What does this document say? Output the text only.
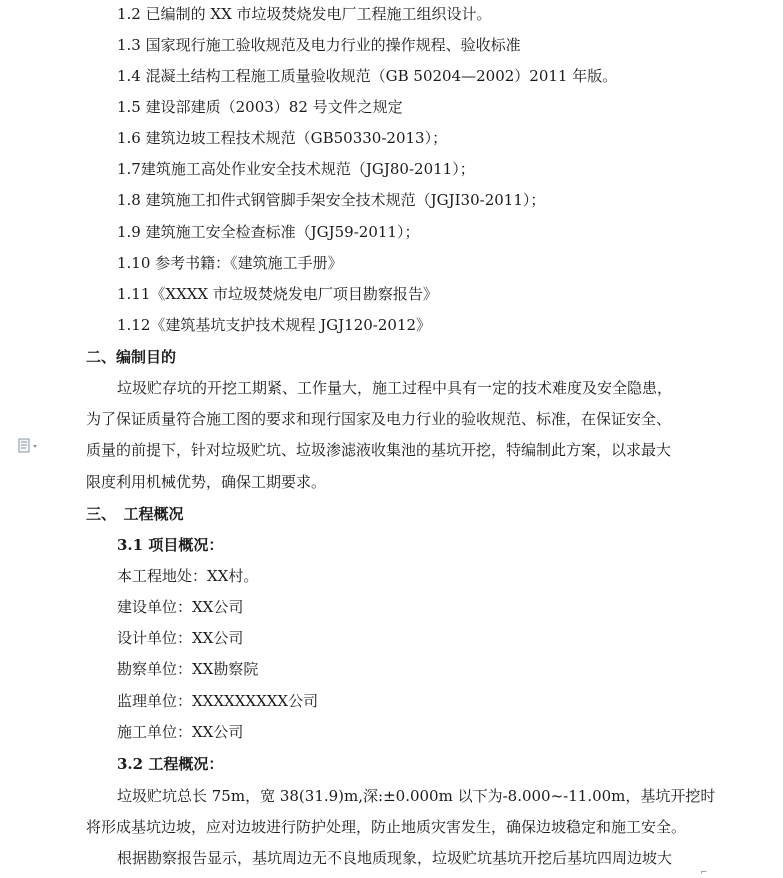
1.2 已编制的 XX 市垃圾焚烧发电厂工程施工组织设计。
1.3 国家现行施工验收规范及电力行业的操作规程、验收标准
1.4 混凝土结构工程施工质量验收规范（GB 50204—2002）2011 年版。
1.5 建设部建质（2003）82 号文件之规定
1.6 建筑边坡工程技术规范（GB50330-2013）；
1.7建筑施工高处作业安全技术规范（JGJ80-2011）；
1.8 建筑施工扣件式钢管脚手架安全技术规范（JGJI30-2011）；
1.9 建筑施工安全检查标准（JGJ59-2011）；
1.10 参考书籍：《建筑施工手册》
1.11《XXXX 市垃圾焚烧发电厂项目勘察报告》
1.12《建筑基坑支护技术规程 JGJ120-2012》
二、编制目的
垃圾贮存坑的开挖工期紧、工作量大，施工过程中具有一定的技术难度及安全隐患，
为了保证质量符合施工图的要求和现行国家及电力行业的验收规范、标准，在保证安全、
质量的前提下，针对垃圾贮坑、垃圾渗滤液收集池的基坑开挖，特编制此方案，以求最大
限度利用机械优势，确保工期要求。
三、　工程概况
3.1 项目概况：
本工程地处：XX村。
建设单位：XX公司
设计单位：XX公司
勘察单位：XX勘察院
监理单位：XXXXXXXXX公司
施工单位：XX公司
3.2 工程概况：
垃圾贮坑总长 75m，宽 38(31.9)m,深:±0.000m 以下为-8.000~-11.00m，基坑开挖时
将形成基坑边坡，应对边坡进行防护处理，防止地质灾害发生，确保边坡稳定和施工安全。
根据勘察报告显示，基坑周边无不良地质现象，垃圾贮坑基坑开挖后基坑四周边坡大
⌐
